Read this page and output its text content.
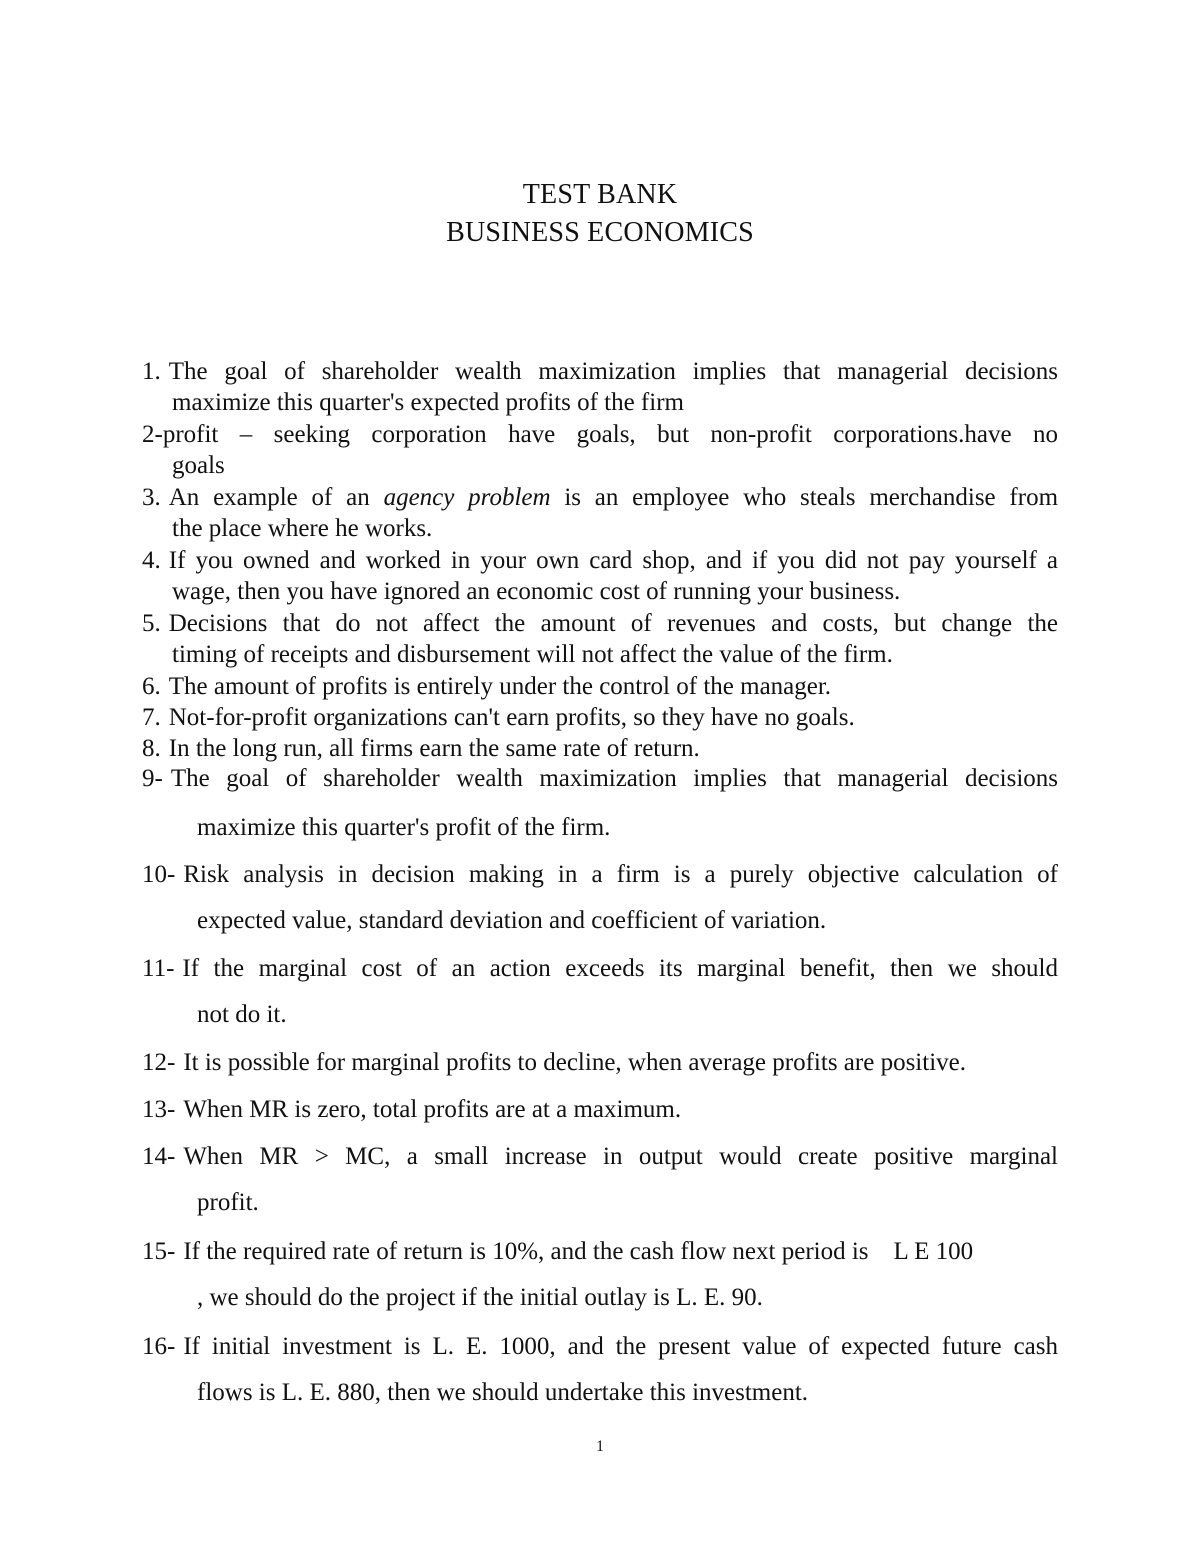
TEST BANK
BUSINESS ECONOMICS
1. The goal of shareholder wealth maximization implies that managerial decisions
maximize this quarter's expected profits of the firm
2- profit – seeking corporation have goals, but non-profit corporations.have no
goals
3. An example of an agency problem is an employee who steals merchandise from
the place where he works.
4. If you owned and worked in your own card shop, and if you did not pay yourself a
wage, then you have ignored an economic cost of running your business.
5. Decisions that do not affect the amount of revenues and costs, but change the
timing of receipts and disbursement will not affect the value of the firm.
6. The amount of profits is entirely under the control of the manager.
7. Not-for-profit organizations can't earn profits, so they have no goals.
8. In the long run, all firms earn the same rate of return.
9- The goal of shareholder wealth maximization implies that managerial decisions
maximize this quarter's profit of the firm.
10- Risk analysis in decision making in a firm is a purely objective calculation of
expected value, standard deviation and coefficient of variation.
11- If the marginal cost of an action exceeds its marginal benefit, then we should
not do it.
12- It is possible for marginal profits to decline, when average profits are positive.
13- When MR is zero, total profits are at a maximum.
14- When MR > MC, a small increase in output would create positive marginal
profit.
15- If the required rate of return is 10%, and the cash flow next period is    L E 100
, we should do the project if the initial outlay is L. E. 90.
16- If initial investment is L. E. 1000, and the present value of expected future cash
flows is L. E. 880, then we should undertake this investment.
1
